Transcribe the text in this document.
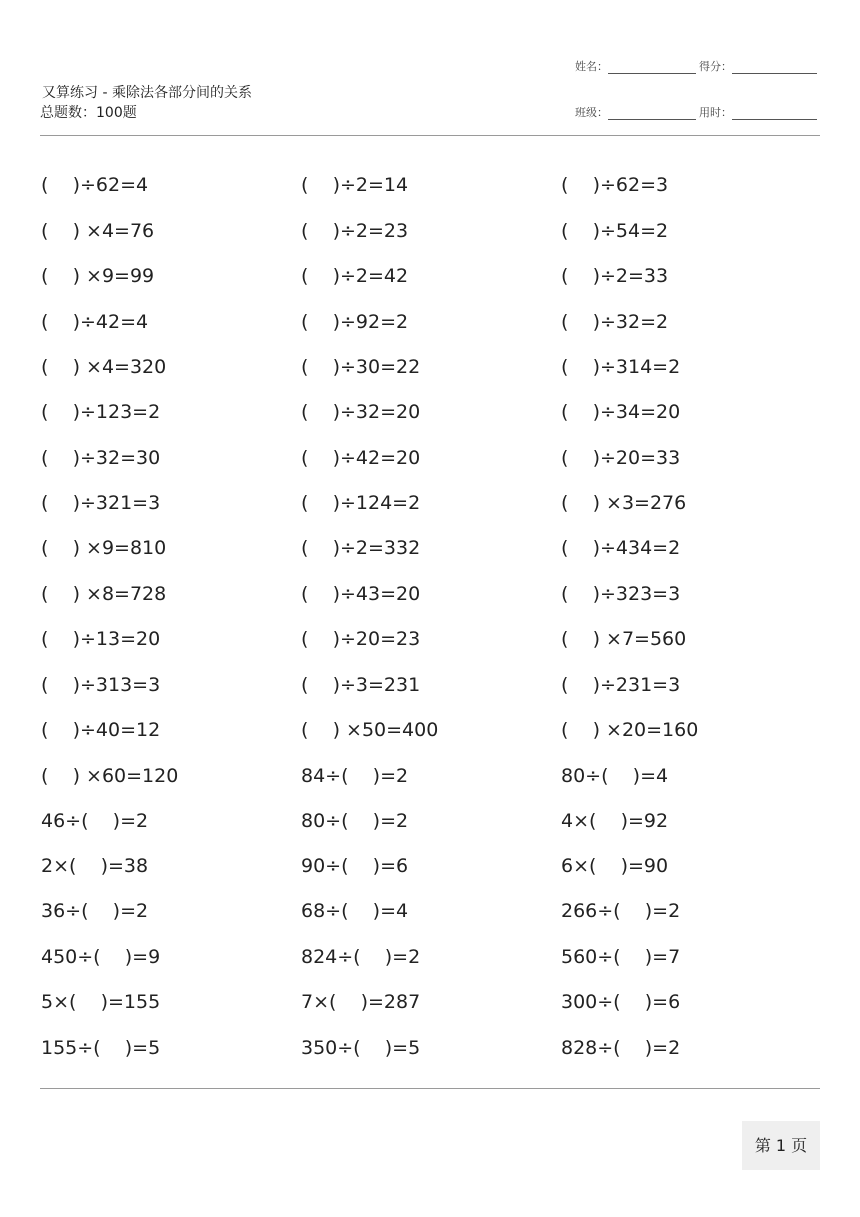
又算练习 - 乘除法各部分间的关系
总题数：100题
姓名：	得分：
班级：	用时：
(    )÷62=4	(    )÷2=14	(    )÷62=3
(    ) ×4=76	(    )÷2=23	(    )÷54=2
(    ) ×9=99	(    )÷2=42	(    )÷2=33
(    )÷42=4	(    )÷92=2	(    )÷32=2
(    ) ×4=320	(    )÷30=22	(    )÷314=2
(    )÷123=2	(    )÷32=20	(    )÷34=20
(    )÷32=30	(    )÷42=20	(    )÷20=33
(    )÷321=3	(    )÷124=2	(    ) ×3=276
(    ) ×9=810	(    )÷2=332	(    )÷434=2
(    ) ×8=728	(    )÷43=20	(    )÷323=3
(    )÷13=20	(    )÷20=23	(    ) ×7=560
(    )÷313=3	(    )÷3=231	(    )÷231=3
(    )÷40=12	(    ) ×50=400	(    ) ×20=160
(    ) ×60=120	84÷(    )=2	80÷(    )=4
46÷(    )=2	80÷(    )=2	4×(    )=92
2×(    )=38	90÷(    )=6	6×(    )=90
36÷(    )=2	68÷(    )=4	266÷(    )=2
450÷(    )=9	824÷(    )=2	560÷(    )=7
5×(    )=155	7×(    )=287	300÷(    )=6
155÷(    )=5	350÷(    )=5	828÷(    )=2
第 1 页
